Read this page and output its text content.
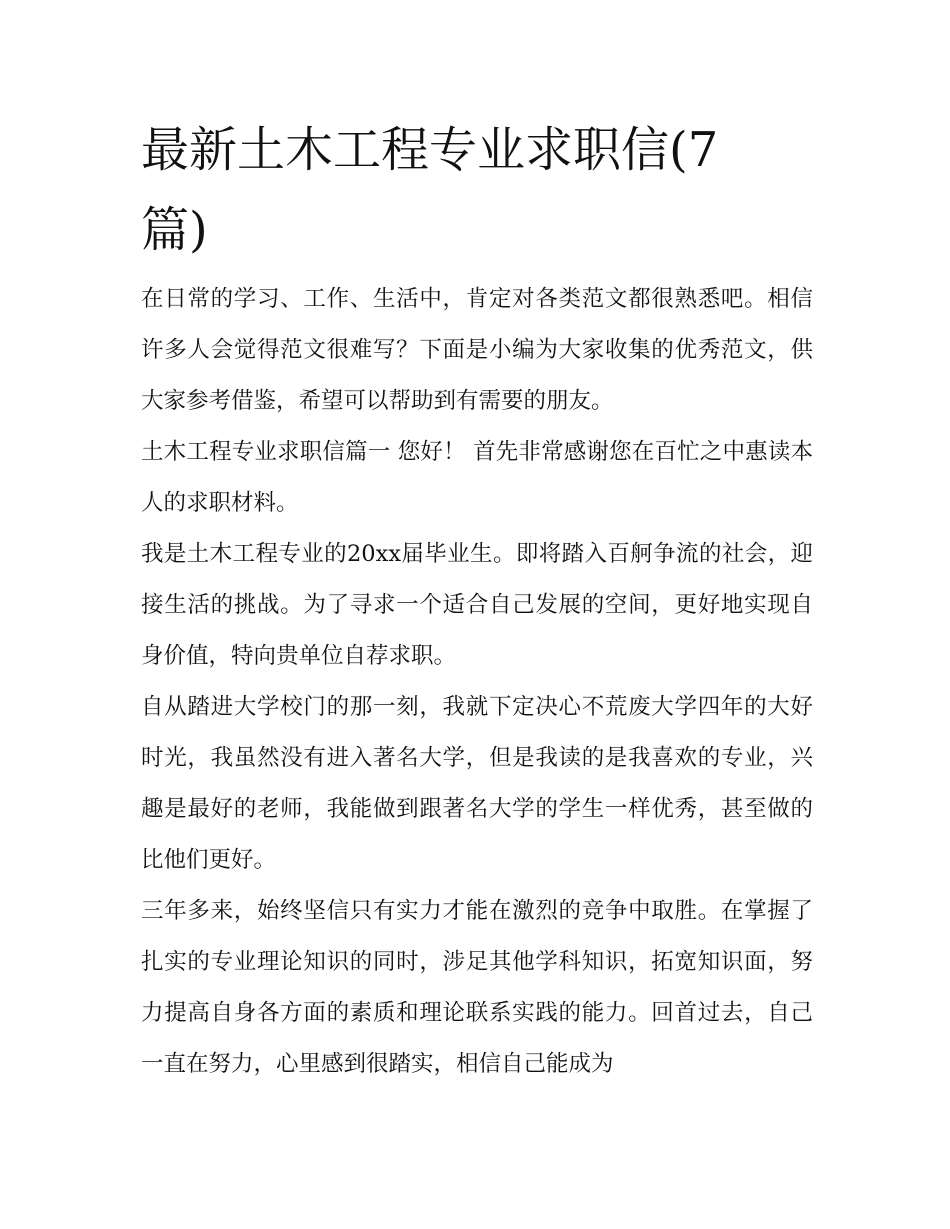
最新土木工程专业求职信(7篇)

在日常的学习、工作、生活中，肯定对各类范文都很熟悉吧。相信许多人会觉得范文很难写？下面是小编为大家收集的优秀范文，供大家参考借鉴，希望可以帮助到有需要的朋友。

土木工程专业求职信篇一 您好！ 首先非常感谢您在百忙之中惠读本人的求职材料。

我是土木工程专业的20xx届毕业生。即将踏入百舸争流的社会，迎接生活的挑战。为了寻求一个适合自己发展的空间，更好地实现自身价值，特向贵单位自荐求职。

自从踏进大学校门的那一刻，我就下定决心不荒废大学四年的大好时光，我虽然没有进入著名大学，但是我读的是我喜欢的专业，兴趣是最好的老师，我能做到跟著名大学的学生一样优秀，甚至做的比他们更好。

三年多来，始终坚信只有实力才能在激烈的竞争中取胜。在掌握了扎实的专业理论知识的同时，涉足其他学科知识，拓宽知识面，努力提高自身各方面的素质和理论联系实践的能力。回首过去，自己一直在努力，心里感到很踏实，相信自己能成为
